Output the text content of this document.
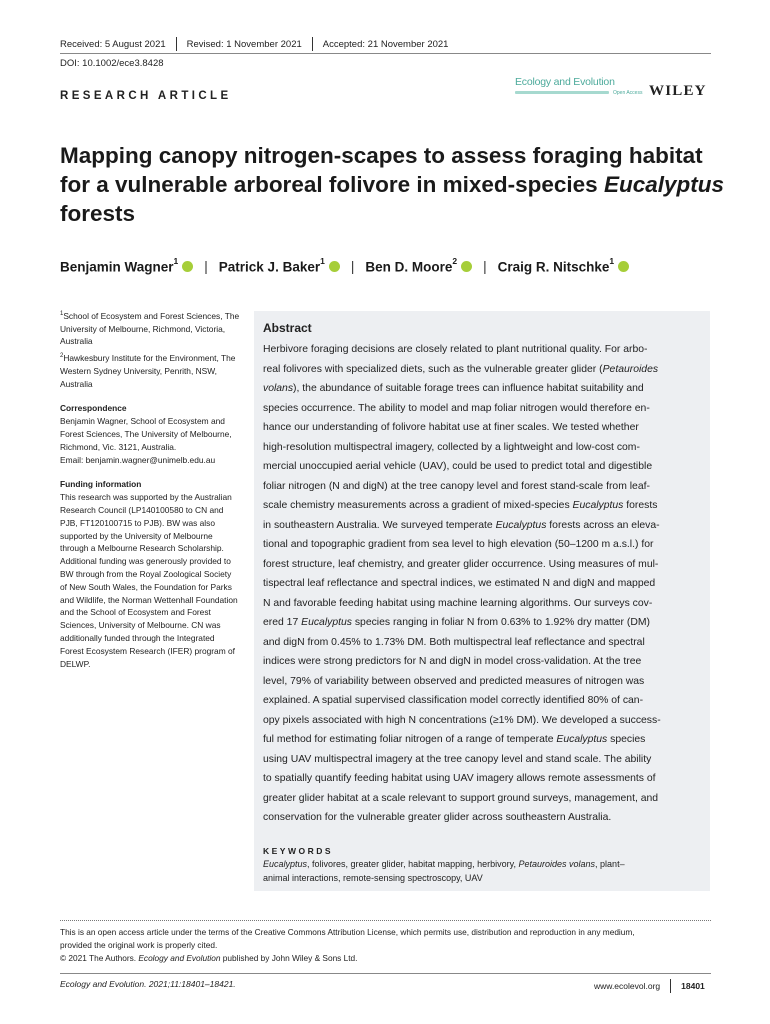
Received: 5 August 2021 Revised: 1 November 2021 Accepted: 21 November 2021
DOI: 10.1002/ece3.8428
RESEARCH ARTICLE
Ecology and Evolution
Open Access WILEY
Mapping canopy nitrogen-scapes to assess foraging habitat
for a vulnerable arboreal folivore in mixed-species Eucalyptus
forests
Benjamin Wagner$^1$ | Patrick J. Baker$^1$ | Ben D. Moore$^2$ | Craig R. Nitschke$^1$

$^1$School of Ecosystem and Forest Sciences, The University of Melbourne, Richmond, Victoria, Australia

$^2$Hawkesbury Institute for the Environment, The Western Sydney University, Penrith, NSW, Australia

Correspondence

Benjamin Wagner, School of Ecosystem and Forest Sciences, The University of Melbourne, Richmond, Vic. 3121, Australia.

Email: benjamin.wagner@unimelb.edu.au

Funding information

This research was supported by the Australian Research Council (LP140100580 to CN and PJB, FT120100715 to PJB). BW was also supported by the University of Melbourne through a Melbourne Research Scholarship. Additional funding was generously provided to BW through from the Royal Zoological Society of New South Wales, the Foundation for Parks and Wildlife, the Norman Wettenhall Foundation and the School of Ecosystem and Forest Sciences, University of Melbourne. CN was additionally funded through the Integrated Forest Ecosystem Research (IFER) program of DELWP.

Abstract
Herbivore foraging decisions are closely related to plant nutritional quality. For arbo-
real folivores with specialized diets, such as the vulnerable greater glider (Petauroides
volans), the abundance of suitable forage trees can influence habitat suitability and
species occurrence. The ability to model and map foliar nitrogen would therefore en-
hance our understanding of folivore habitat use at finer scales. We tested whether
high-resolution multispectral imagery, collected by a lightweight and low-cost com-
mercial unoccupied aerial vehicle (UAV), could be used to predict total and digestible
foliar nitrogen (N and digN) at the tree canopy level and forest stand-scale from leaf-
scale chemistry measurements across a gradient of mixed-species Eucalyptus forests
in southeastern Australia. We surveyed temperate Eucalyptus forests across an eleva-
tional and topographic gradient from sea level to high elevation (50–1200 m a.s.l.) for
forest structure, leaf chemistry, and greater glider occurrence. Using measures of mul-
tispectral leaf reflectance and spectral indices, we estimated N and digN and mapped
N and favorable feeding habitat using machine learning algorithms. Our surveys cov-
ered 17 Eucalyptus species ranging in foliar N from 0.63% to 1.92% dry matter (DM)
and digN from 0.45% to 1.73% DM. Both multispectral leaf reflectance and spectral
indices were strong predictors for N and digN in model cross-validation. At the tree
level, 79% of variability between observed and predicted measures of nitrogen was
explained. A spatial supervised classification model correctly identified 80% of can-
opy pixels associated with high N concentrations (≥1% DM). We developed a success-
ful method for estimating foliar nitrogen of a range of temperate Eucalyptus species
using UAV multispectral imagery at the tree canopy level and stand scale. The ability
to spatially quantify feeding habitat using UAV imagery allows remote assessments of
greater glider habitat at a scale relevant to support ground surveys, management, and
conservation for the vulnerable greater glider across southeastern Australia.
KEYWORDS
Eucalyptus, folivores, greater glider, habitat mapping, herbivory, Petauroides volans, plant–
animal interactions, remote-sensing spectroscopy, UAV
This is an open access article under the terms of the Creative Commons Attribution License, which permits use, distribution and reproduction in any medium,
provided the original work is properly cited.
© 2021 The Authors. Ecology and Evolution published by John Wiley & Sons Ltd.
Ecology and Evolution. 2021;11:18401–18421.	www.ecolevol.org 18401
